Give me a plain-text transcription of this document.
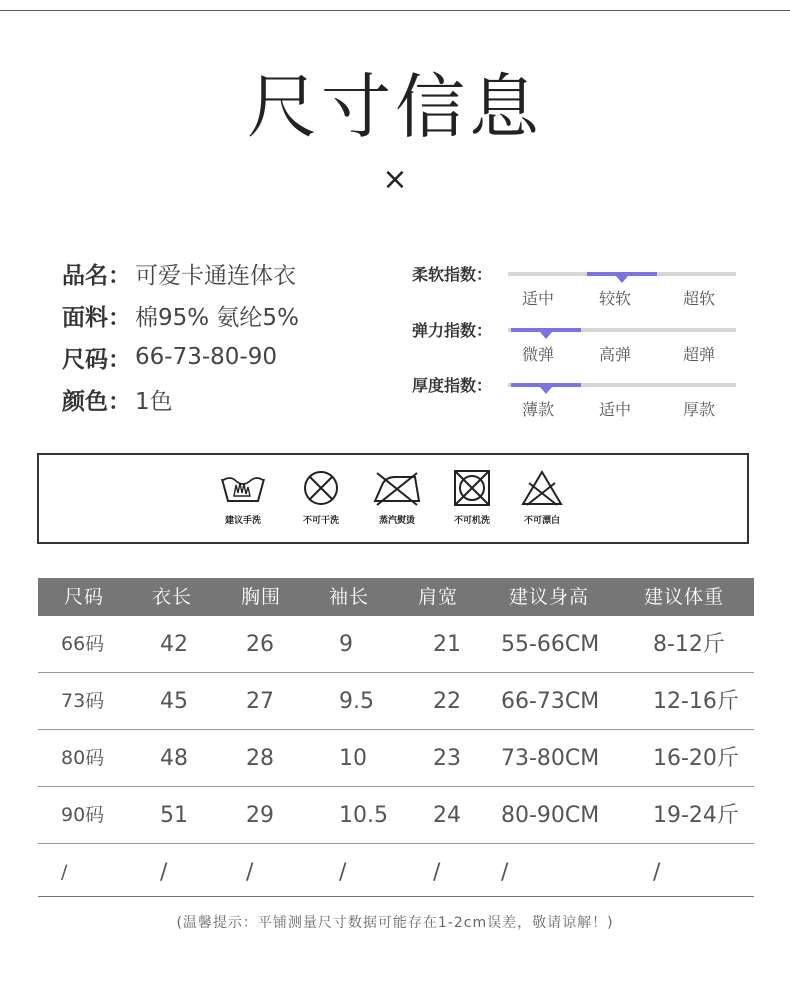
尺寸信息
×
品名： 可爱卡通连体衣
面料： 棉95% 氨纶5%
尺码： 66-73-80-90
颜色： 1色
柔软指数：
适中	较软	超软
弹力指数：
微弹	高弹	超弹
厚度指数：
薄款	适中	厚款
建议手洗	不可干洗	蒸汽熨烫	不可机洗	不可漂白
尺码	衣长	胸围	袖长	肩宽	建议身高	建议体重
66码	42	26	9	21 55-66CM 8-12斤
73码	45	27	9.5	22 66-73CM 12-16斤
80码	48	28	10	23 73-80CM 16-20斤
90码	51	29	10.5 24 80-90CM 19-24斤
/	/	/	/	/	/	/
(温馨提示：平铺测量尺寸数据可能存在1-2cm误差，敬请谅解！)
